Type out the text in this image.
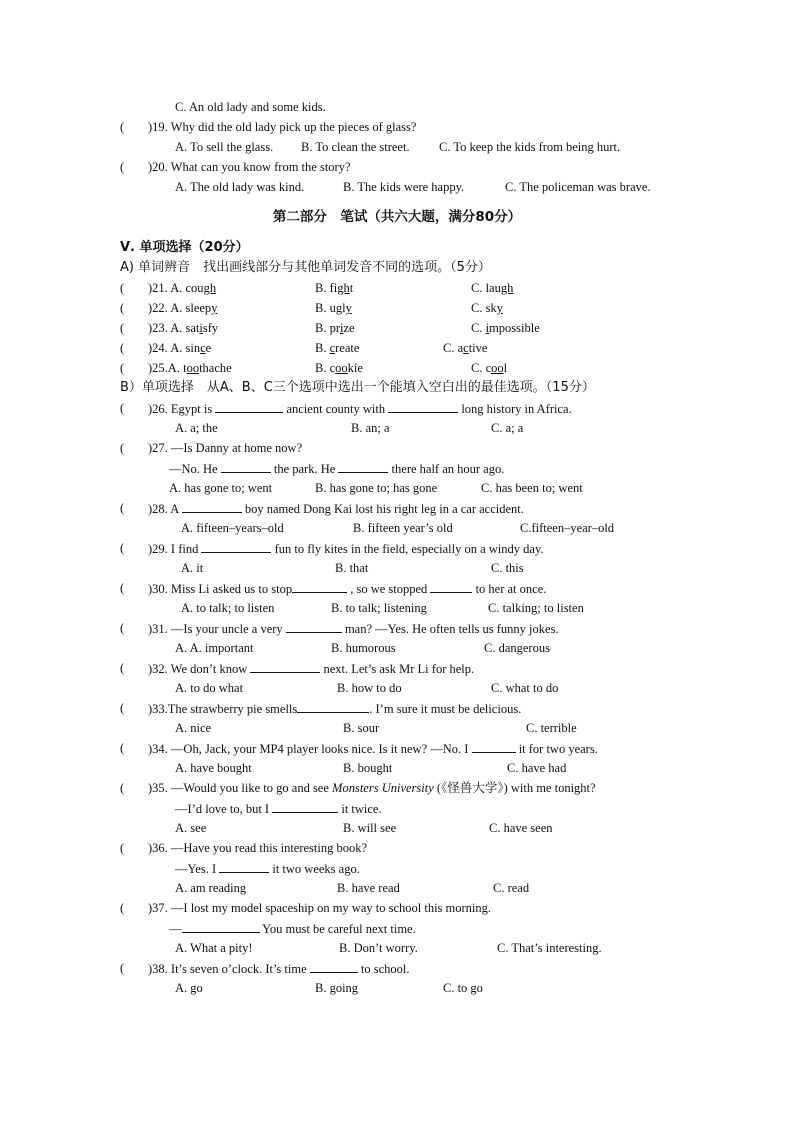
C. An old lady and some kids.
( )19. Why did the old lady pick up the pieces of glass?
A. To sell the glass. B. To clean the street. C. To keep the kids from being hurt.
( )20. What can you know from the story?
A. The old lady was kind.	B. The kids were happy.	C. The policeman was brave.
第二部分　笔试（共六大题，满分80分）
Ⅴ. 单项选择（20分）
A) 单词辨音　找出画线部分与其他单词发音不同的选项。（5分）
( )21. A. cough	B. fight	C. laugh
( )22. A. sleepy	B. ugly	C. sky
( )23. A. satisfy	B. prize	C. impossible
( )24. A. since	B. create	C. active
( )25.A. toothache	B. cookie	C. cool
B）单项选择　从A、B、C三个选项中选出一个能填入空白出的最佳选项。（15分）
( )26. Egypt is	ancient county with	long history in Africa.
A. a; the	B. an; a	C. a; a
( )27. —Is Danny at home now?
—No. He	the park. He	there half an hour ago.
A. has gone to; went	B. has gone to; has gone	C. has been to; went
( )28. A	boy named Dong Kai lost his right leg in a car accident.
A. fifteen–years–old	B. fifteen year’s old	C.fifteen–year–old
( )29. I find	fun to fly kites in the field, especially on a windy day.
A. it	B. that	C. this
( )30. Miss Li asked us to stop	, so we stopped	to her at once.
A. to talk; to listen	B. to talk; listening	C. talking; to listen
( )31. —Is your uncle a very	man? —Yes. He often tells us funny jokes.
A. A. important	B. humorous	C. dangerous
( )32. We don’t know	next. Let’s ask Mr Li for help.
A. to do what	B. how to do	C. what to do
( )33.The strawberry pie smells	. I’m sure it must be delicious.
A. nice	B. sour	C. terrible
( )34. —Oh, Jack, your MP4 player looks nice. Is it new? —No. I	it for two years.
A. have bought	B. bought	C. have had
( )35. —Would you like to go and see Monsters University (《怪兽大学》) with me tonight?
—I’d love to, but I	it twice.
A. see	B. will see	C. have seen
( )36. —Have you read this interesting book?
—Yes. I	it two weeks ago.
A. am reading	B. have read	C. read
( )37. —I lost my model spaceship on my way to school this morning.
—	You must be careful next time.
A. What a pity!	B. Don’t worry.	C. That’s interesting.
( )38. It’s seven o’clock. It’s time	to school.
A. go	B. going	C. to go
